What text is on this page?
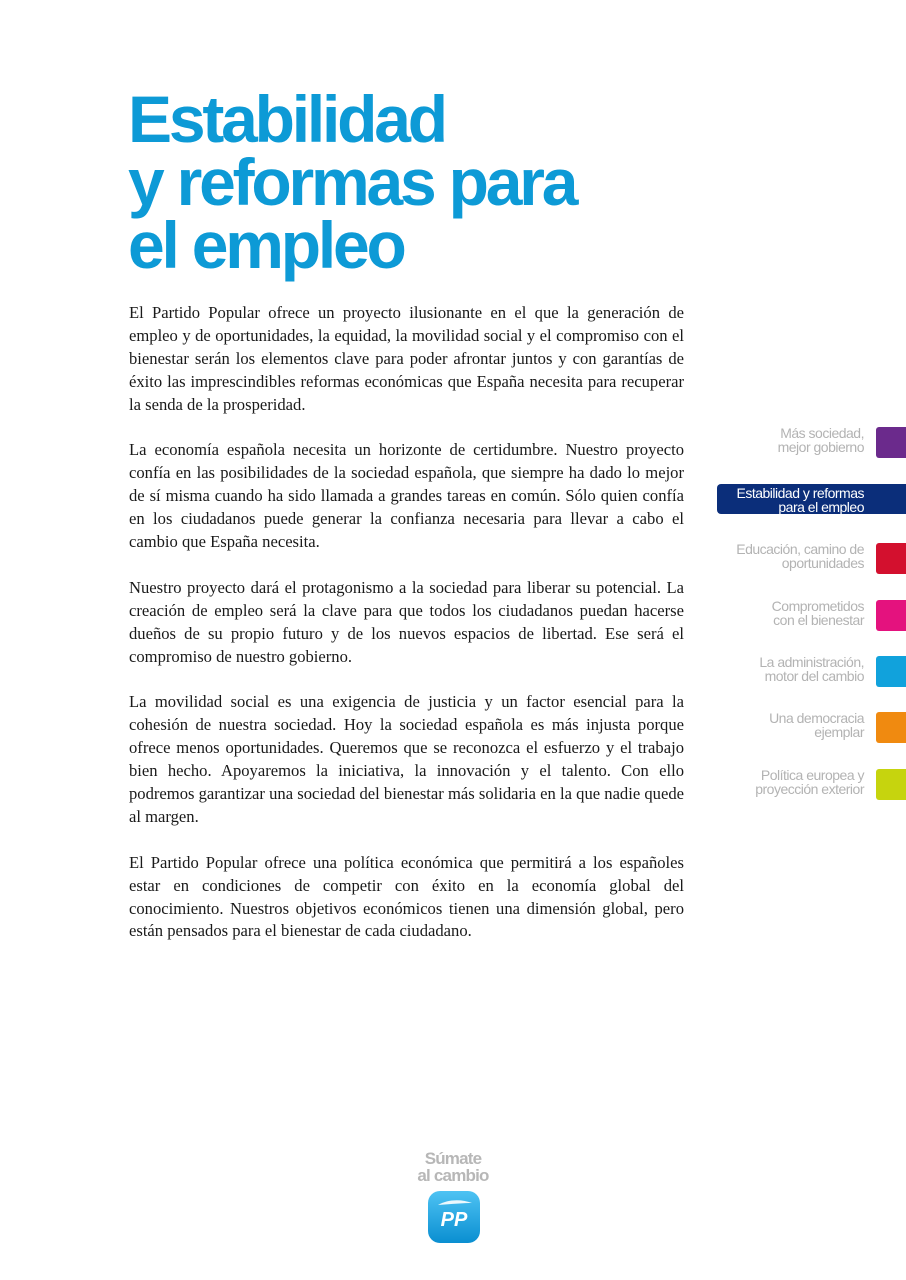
Estabilidad
y reformas para
el empleo

El Partido Popular ofrece un proyecto ilusionante en el que la generación de empleo y de oportunidades, la equidad, la movilidad social y el compromiso con el bienestar serán los elementos clave para poder afrontar juntos y con garantías de éxito las imprescindibles reformas económicas que España necesita para recuperar la senda de la prosperidad.

La economía española necesita un horizonte de certidumbre. Nuestro proyecto confía en las posibilidades de la sociedad española, que siempre ha dado lo mejor de sí misma cuando ha sido llamada a grandes tareas en común. Sólo quien confía en los ciudadanos puede generar la confianza necesaria para llevar a cabo el cambio que España necesita.

Nuestro proyecto dará el protagonismo a la sociedad para liberar su potencial. La creación de empleo será la clave para que todos los ciudadanos puedan hacerse dueños de su propio futuro y de los nuevos espacios de libertad. Ese será el compromiso de nuestro gobierno.

La movilidad social es una exigencia de justicia y un factor esencial para la cohesión de nuestra sociedad. Hoy la sociedad española es más injusta porque ofrece menos oportunidades. Queremos que se reconozca el esfuerzo y el trabajo bien hecho. Apoyaremos la iniciativa, la innovación y el talento. Con ello podremos garantizar una sociedad del bienestar más solidaria en la que nadie quede al margen.

El Partido Popular ofrece una política económica que permitirá a los españoles estar en condiciones de competir con éxito en la economía global del conocimiento. Nuestros objetivos económicos tienen una dimensión global, pero están pensados para el bienestar de cada ciudadano.

Más sociedad,
mejor gobierno
Estabilidad y reformas
para el empleo
Educación, camino de
oportunidades
Comprometidos
con el bienestar
La administración,
motor del cambio
Una democracia
ejemplar
Política europea y
proyección exterior
Súmate
al cambio
PP
